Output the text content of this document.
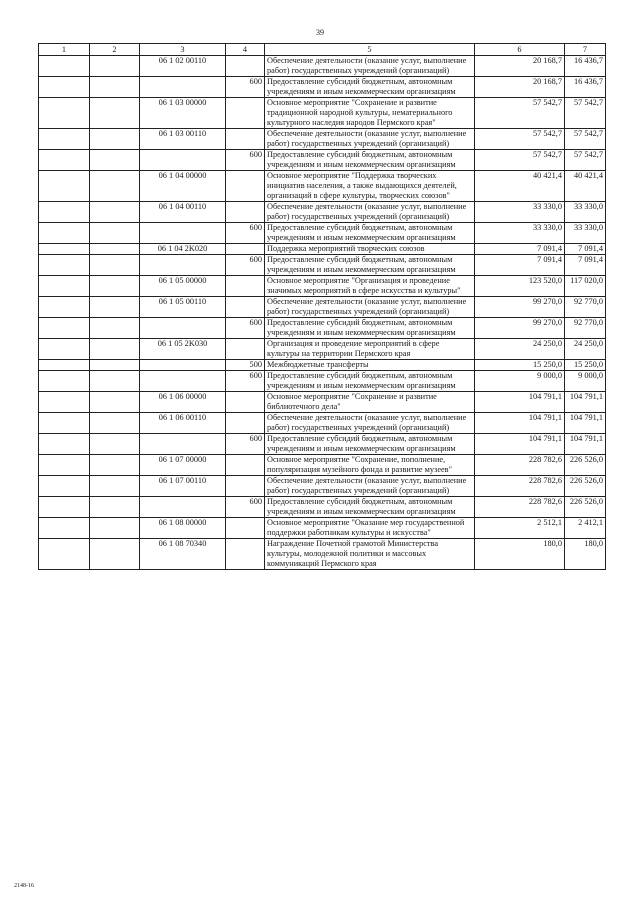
39
1	2	3	4	5	6	7
		06 1 02 00110		Обеспечение деятельности (оказание услуг, выполнение работ) государственных учреждений (организаций)	20 168,7	16 436,7
			600	Предоставление субсидий бюджетным, автономным учреждениям и иным некоммерческим организациям	20 168,7	16 436,7
		06 1 03 00000		Основное мероприятие "Сохранение и развитие традиционной народной культуры, нематериального культурного наследия народов Пермского края"	57 542,7	57 542,7
		06 1 03 00110		Обеспечение деятельности (оказание услуг, выполнение работ) государственных учреждений (организаций)	57 542,7	57 542,7
			600	Предоставление субсидий бюджетным, автономным учреждениям и иным некоммерческим организациям	57 542,7	57 542,7
		06 1 04 00000		Основное мероприятие "Поддержка творческих инициатив населения, а также выдающихся деятелей, организаций в сфере культуры, творческих союзов"	40 421,4	40 421,4
		06 1 04 00110		Обеспечение деятельности (оказание услуг, выполнение работ) государственных учреждений (организаций)	33 330,0	33 330,0
			600	Предоставление субсидий бюджетным, автономным учреждениям и иным некоммерческим организациям	33 330,0	33 330,0
		06 1 04 2K020		Поддержка мероприятий творческих союзов	7 091,4	7 091,4
			600	Предоставление субсидий бюджетным, автономным учреждениям и иным некоммерческим организациям	7 091,4	7 091,4
		06 1 05 00000		Основное мероприятие "Организация и проведение значимых мероприятий в сфере искусства и культуры"	123 520,0	117 020,0
		06 1 05 00110		Обеспечение деятельности (оказание услуг, выполнение работ) государственных учреждений (организаций)	99 270,0	92 770,0
			600	Предоставление субсидий бюджетным, автономным учреждениям и иным некоммерческим организациям	99 270,0	92 770,0
		06 1 05 2K030		Организация и проведение мероприятий в сфере культуры на территории Пермского края	24 250,0	24 250,0
			500	Межбюджетные трансферты	15 250,0	15 250,0
			600	Предоставление субсидий бюджетным, автономным учреждениям и иным некоммерческим организациям	9 000,0	9 000,0
		06 1 06 00000		Основное мероприятие "Сохранение и развитие библиотечного дела"	104 791,1	104 791,1
		06 1 06 00110		Обеспечение деятельности (оказание услуг, выполнение работ) государственных учреждений (организаций)	104 791,1	104 791,1
			600	Предоставление субсидий бюджетным, автономным учреждениям и иным некоммерческим организациям	104 791,1	104 791,1
		06 1 07 00000		Основное мероприятие "Сохранение, пополнение, популяризация музейного фонда и развитие музеев"	228 782,6	226 526,0
		06 1 07 00110		Обеспечение деятельности (оказание услуг, выполнение работ) государственных учреждений (организаций)	228 782,6	226 526,0
			600	Предоставление субсидий бюджетным, автономным учреждениям и иным некоммерческим организациям	228 782,6	226 526,0
		06 1 08 00000		Основное мероприятие "Оказание мер государственной поддержки работникам культуры и искусства"	2 512,1	2 412,1
		06 1 08 70340		Награждение Почетной грамотой Министерства культуры, молодежной политики и массовых коммуникаций Пермского края	180,0	180,0
2148-16
